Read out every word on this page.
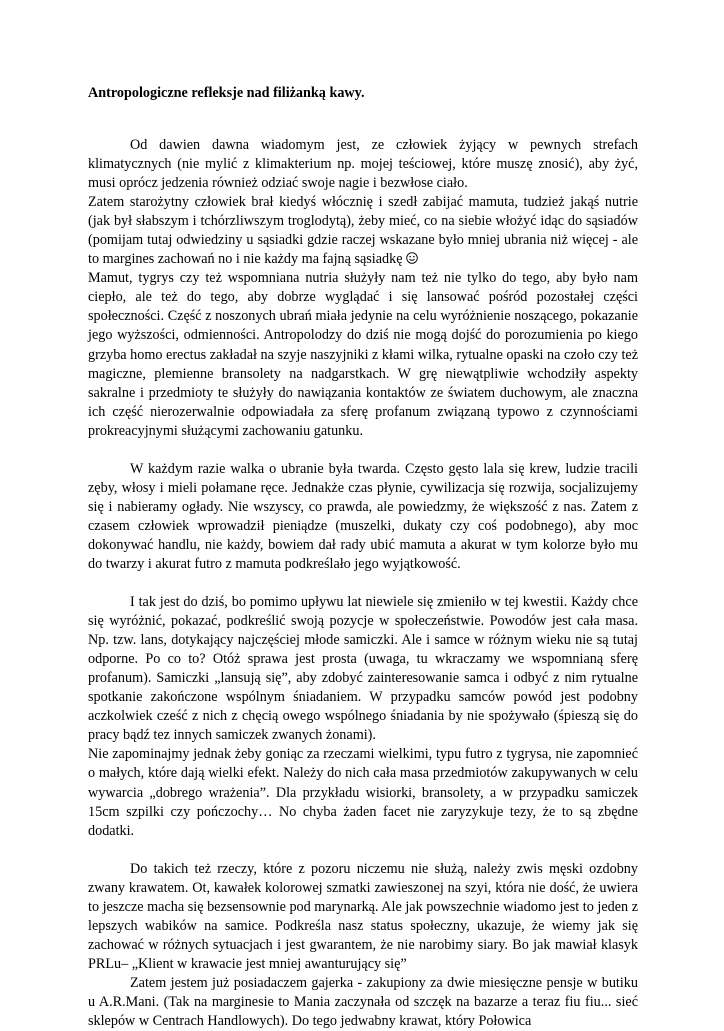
Antropologiczne refleksje nad filiżanką kawy.

Od dawien dawna wiadomym jest, ze człowiek żyjący w pewnych strefach klimatycznych (nie mylić z klimakterium np. mojej teściowej, które muszę znosić), aby żyć, musi oprócz jedzenia również odziać swoje nagie i bezwłose ciało.

Zatem starożytny człowiek brał kiedyś włócznię i szedł zabijać mamuta, tudzież jakąś nutrie (jak był słabszym i tchórzliwszym troglodytą), żeby mieć, co na siebie włożyć idąc do sąsiadów (pomijam tutaj odwiedziny u sąsiadki gdzie raczej wskazane było mniej ubrania niż więcej - ale to margines zachowań no i nie każdy ma fajną sąsiadkę

Mamut, tygrys czy też wspomniana nutria służyły nam też nie tylko do tego, aby było nam ciepło, ale też do tego, aby dobrze wyglądać i się lansować pośród pozostałej części społeczności. Część z noszonych ubrań miała jedynie na celu wyróżnienie noszącego, pokazanie jego wyższości, odmienności. Antropolodzy do dziś nie mogą dojść do porozumienia po kiego grzyba homo erectus zakładał na szyje naszyjniki z kłami wilka, rytualne opaski na czoło czy też magiczne, plemienne bransolety na nadgarstkach. W grę niewątpliwie wchodziły aspekty sakralne i przedmioty te służyły do nawiązania kontaktów ze światem duchowym, ale znaczna ich część nierozerwalnie odpowiadała za sferę profanum związaną typowo z czynnościami prokreacyjnymi służącymi zachowaniu gatunku.

W każdym razie walka o ubranie była twarda. Często gęsto lala się krew, ludzie tracili zęby, włosy i mieli połamane ręce. Jednakże czas płynie, cywilizacja się rozwija, socjalizujemy się i nabieramy ogłady. Nie wszyscy, co prawda, ale powiedzmy, że większość z nas. Zatem z czasem człowiek wprowadził pieniądze (muszelki, dukaty czy coś podobnego), aby moc dokonywać handlu, nie każdy, bowiem dał rady ubić mamuta a akurat w tym kolorze było mu do twarzy i akurat futro z mamuta podkreślało jego wyjątkowość.

I tak jest do dziś, bo pomimo upływu lat niewiele się zmieniło w tej kwestii. Każdy chce się wyróżnić, pokazać, podkreślić swoją pozycje w społeczeństwie. Powodów jest cała masa. Np. tzw. lans, dotykający najczęściej młode samiczki. Ale i samce w różnym wieku nie są tutaj odporne. Po co to? Otóż sprawa jest prosta (uwaga, tu wkraczamy we wspomnianą sferę profanum). Samiczki „lansują się”, aby zdobyć zainteresowanie samca i odbyć z nim rytualne spotkanie zakończone wspólnym śniadaniem. W przypadku samców powód jest podobny aczkolwiek cześć z nich z chęcią owego wspólnego śniadania by nie spożywało (śpieszą się do pracy bądź tez innych samiczek zwanych żonami).

Nie zapominajmy jednak żeby goniąc za rzeczami wielkimi, typu futro z tygrysa, nie zapomnieć o małych, które dają wielki efekt. Należy do nich cała masa przedmiotów zakupywanych w celu wywarcia „dobrego wrażenia”. Dla przykładu wisiorki, bransolety, a w przypadku samiczek 15cm szpilki czy pończochy… No chyba żaden facet nie zaryzykuje tezy, że to są zbędne dodatki.

Do takich też rzeczy, które z pozoru niczemu nie służą, należy zwis męski ozdobny zwany krawatem. Ot, kawałek kolorowej szmatki zawieszonej na szyi, która nie dość, że uwiera to jeszcze macha się bezsensownie pod marynarką. Ale jak powszechnie wiadomo jest to jeden z lepszych wabików na samice. Podkreśla nasz status społeczny, ukazuje, że wiemy jak się zachować w różnych sytuacjach i jest gwarantem, że nie narobimy siary. Bo jak mawiał klasyk PRLu– „Klient w krawacie jest mniej awanturujący się”

Zatem jestem już posiadaczem gajerka - zakupiony za dwie miesięczne pensje w butiku u A.R.Mani. (Tak na marginesie to Mania zaczynała od szczęk na bazarze a teraz fiu fiu... sieć sklepów w Centrach Handlowych). Do tego jedwabny krawat, który Połowica
